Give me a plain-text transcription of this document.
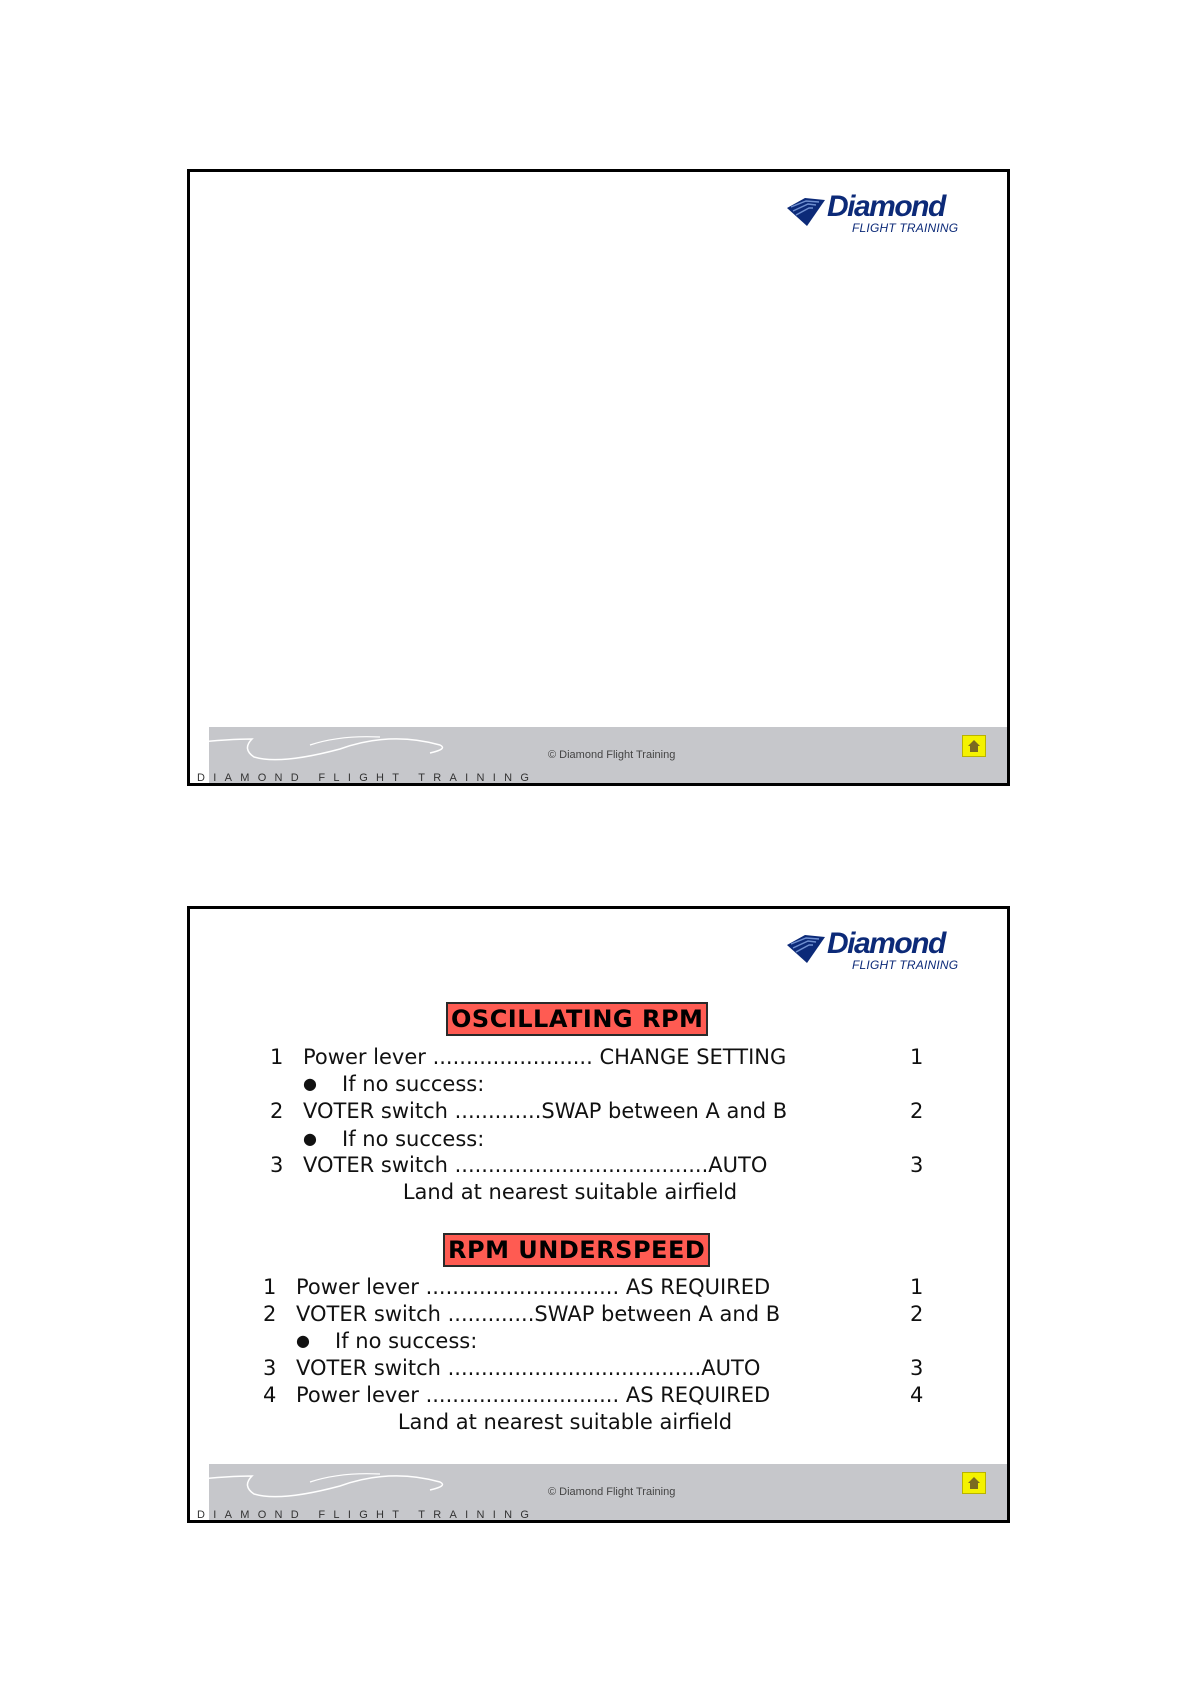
Diamond
FLIGHT TRAINING
© Diamond Flight Training
DIAMOND FLIGHT TRAINING
Diamond
FLIGHT TRAINING
OSCILLATING RPM
1 Power lever ........................ CHANGE SETTING	1
● If no success:
2 VOTER switch .............SWAP between A and B	2
● If no success:
3 VOTER switch ......................................AUTO	3
Land at nearest suitable airfield
RPM UNDERSPEED
1 Power lever ............................. AS REQUIRED	1
2 VOTER switch .............SWAP between A and B	2
● If no success:
3 VOTER switch ......................................AUTO	3
4 Power lever ............................. AS REQUIRED	4
Land at nearest suitable airfield
© Diamond Flight Training
DIAMOND FLIGHT TRAINING
